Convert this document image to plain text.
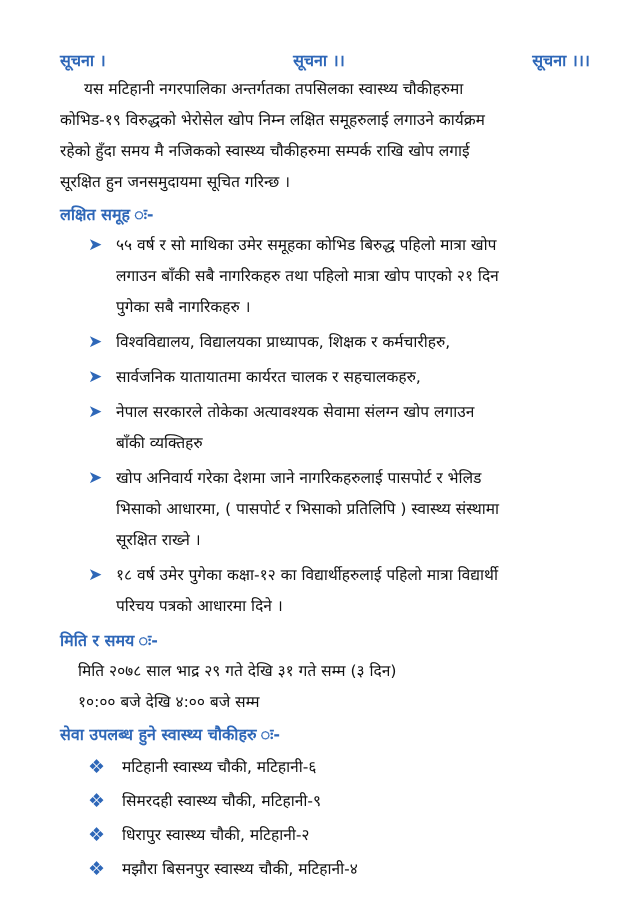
सूचना ।	सूचना ।।	सूचना ।।।
यस मटिहानी नगरपालिका अन्तर्गतका तपसिलका स्वास्थ्य चौकीहरुमा
कोभिड-१९ विरुद्धको भेरोसेल खोप निम्न लक्षित समूहरुलाई लगाउने कार्यक्रम
रहेको हुँदा समय मै नजिकको स्वास्थ्य चौकीहरुमा सम्पर्क राखि खोप लगाई
सूरक्षित हुन जनसमुदायमा सूचित गरिन्छ ।
लक्षित समूह ः-
➤ ५५ वर्ष र सो माथिका उमेर समूहका कोभिड बिरुद्ध पहिलो मात्रा खोप
लगाउन बाँकी सबै नागरिकहरु तथा पहिलो मात्रा खोप पाएको २१ दिन
पुगेका सबै नागरिकहरु ।
➤ विश्वविद्यालय, विद्यालयका प्राध्यापक, शिक्षक र कर्मचारीहरु,
➤ सार्वजनिक यातायातमा कार्यरत चालक र सहचालकहरु,
➤ नेपाल सरकारले तोकेका अत्यावश्यक सेवामा संलग्न खोप लगाउन
बाँकी व्यक्तिहरु
➤ खोप अनिवार्य गरेका देशमा जाने नागरिकहरुलाई पासपोर्ट र भेलिड
भिसाको आधारमा, ( पासपोर्ट र भिसाको प्रतिलिपि ) स्वास्थ्य संस्थामा
सूरक्षित राख्ने ।
➤ १८ वर्ष उमेर पुगेका कक्षा-१२ का विद्यार्थीहरुलाई पहिलो मात्रा विद्यार्थी
परिचय पत्रको आधारमा दिने ।
मिति र समय ः-
मिति २०७८ साल भाद्र २९ गते देखि ३१ गते सम्म (३ दिन)
१०:०० बजे देखि ४:०० बजे सम्म
सेवा उपलब्ध हुने स्वास्थ्य चौकीहरु ः-
❖	मटिहानी स्वास्थ्य चौकी, मटिहानी-६
❖	सिमरदही स्वास्थ्य चौकी, मटिहानी-९
❖	धिरापुर स्वास्थ्य चौकी, मटिहानी-२
❖	मझौरा बिसनपुर स्वास्थ्य चौकी, मटिहानी-४
